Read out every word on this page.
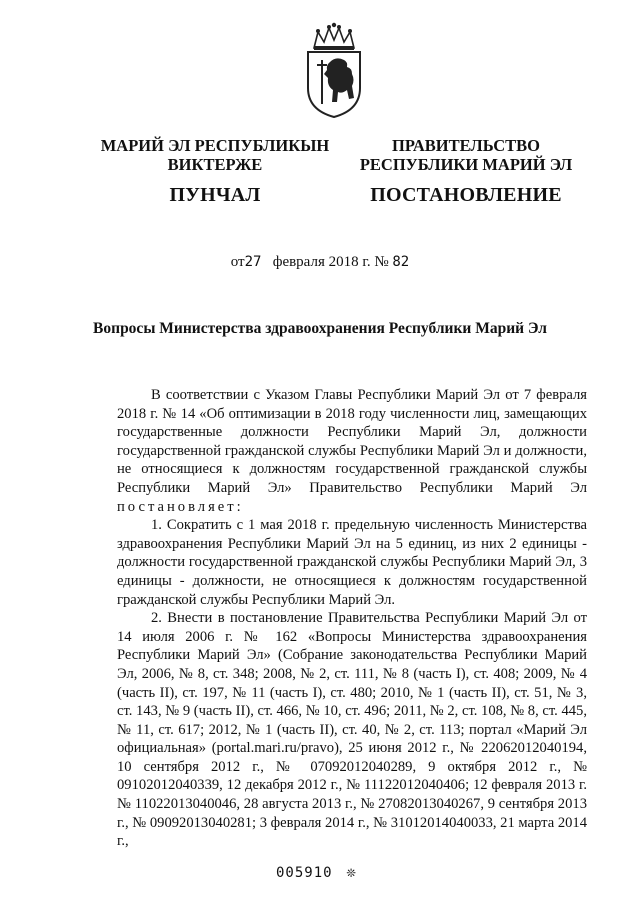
МАРИЙ ЭЛ РЕСПУБЛИКЫН
ВИКТЕРЖЕ
ПУНЧАЛ
ПРАВИТЕЛЬСТВО
РЕСПУБЛИКИ МАРИЙ ЭЛ
ПОСТАНОВЛЕНИЕ
от27 февраля 2018 г. № 82
Вопросы Министерства здравоохранения Республики Марий Эл

В соответствии с Указом Главы Республики Марий Эл от 7 февраля 2018 г. № 14 «Об оптимизации в 2018 году численности лиц, замещающих государственные должности Республики Марий Эл, должности государственной гражданской службы Республики Марий Эл и должности, не относящиеся к должностям государственной гражданской службы Республики Марий Эл» Правительство Республики Марий Эл постановляет:

1. Сократить с 1 мая 2018 г. предельную численность Министерства здравоохранения Республики Марий Эл на 5 единиц, из них 2 единицы - должности государственной гражданской службы Республики Марий Эл, 3 единицы - должности, не относящиеся к должностям государственной гражданской службы Республики Марий Эл.

2. Внести в постановление Правительства Республики Марий Эл от 14 июля 2006 г. № 162 «Вопросы Министерства здравоохранения Республики Марий Эл» (Собрание законодательства Республики Марий Эл, 2006, № 8, ст. 348; 2008, № 2, ст. 111, № 8 (часть I), ст. 408; 2009, № 4 (часть II), ст. 197, № 11 (часть I), ст. 480; 2010, № 1 (часть II), ст. 51, № 3, ст. 143, № 9 (часть II), ст. 466, № 10, ст. 496; 2011, № 2, ст. 108, № 8, ст. 445, № 11, ст. 617; 2012, № 1 (часть II), ст. 40, № 2, ст. 113; портал «Марий Эл официальная» (portal.mari.ru/pravo), 25 июня 2012 г., № 22062012040194, 10 сентября 2012 г., № 07092012040289, 9 октября 2012 г., № 09102012040339, 12 декабря 2012 г., № 11122012040406; 12 февраля 2013 г. № 11022013040046, 28 августа 2013 г., № 27082013040267, 9 сентября 2013 г., № 09092013040281; 3 февраля 2014 г., № 31012014040033, 21 марта 2014 г.,

005910 ❊
